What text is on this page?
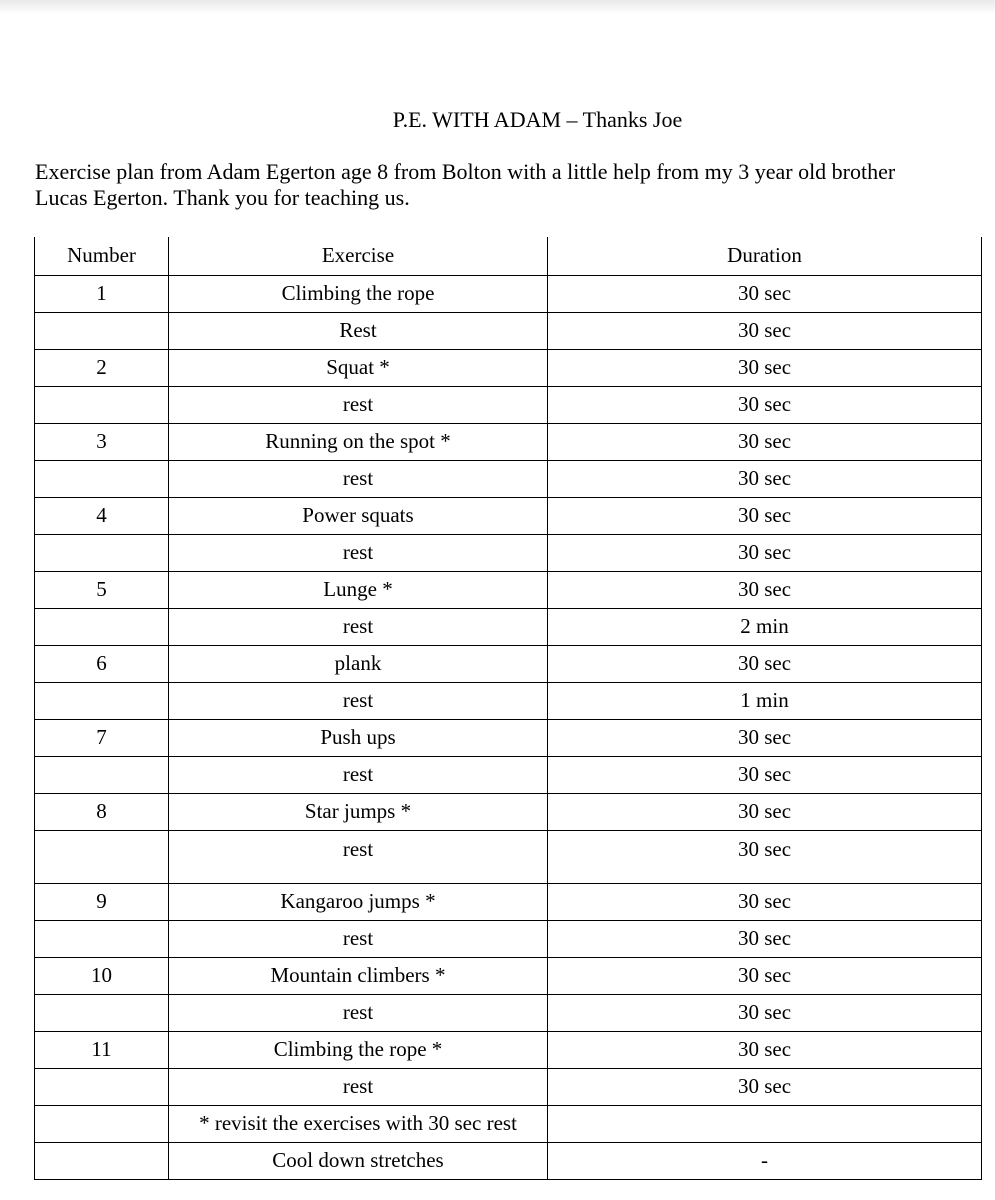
P.E. WITH ADAM – Thanks Joe
Exercise plan from Adam Egerton age 8 from Bolton with a little help from my 3 year old brother
Lucas Egerton. Thank you for teaching us.
Number	Exercise	Duration
1	Climbing the rope	30 sec
	Rest	30 sec
2	Squat *	30 sec
	rest	30 sec
3	Running on the spot *	30 sec
	rest	30 sec
4	Power squats	30 sec
	rest	30 sec
5	Lunge *	30 sec
	rest	2 min
6	plank	30 sec
	rest	1 min
7	Push ups	30 sec
	rest	30 sec
8	Star jumps *	30 sec
	rest	30 sec
9	Kangaroo jumps *	30 sec
	rest	30 sec
10	Mountain climbers *	30 sec
	rest	30 sec
11	Climbing the rope *	30 sec
	rest	30 sec
	* revisit the exercises with 30 sec rest	
	Cool down stretches	-
